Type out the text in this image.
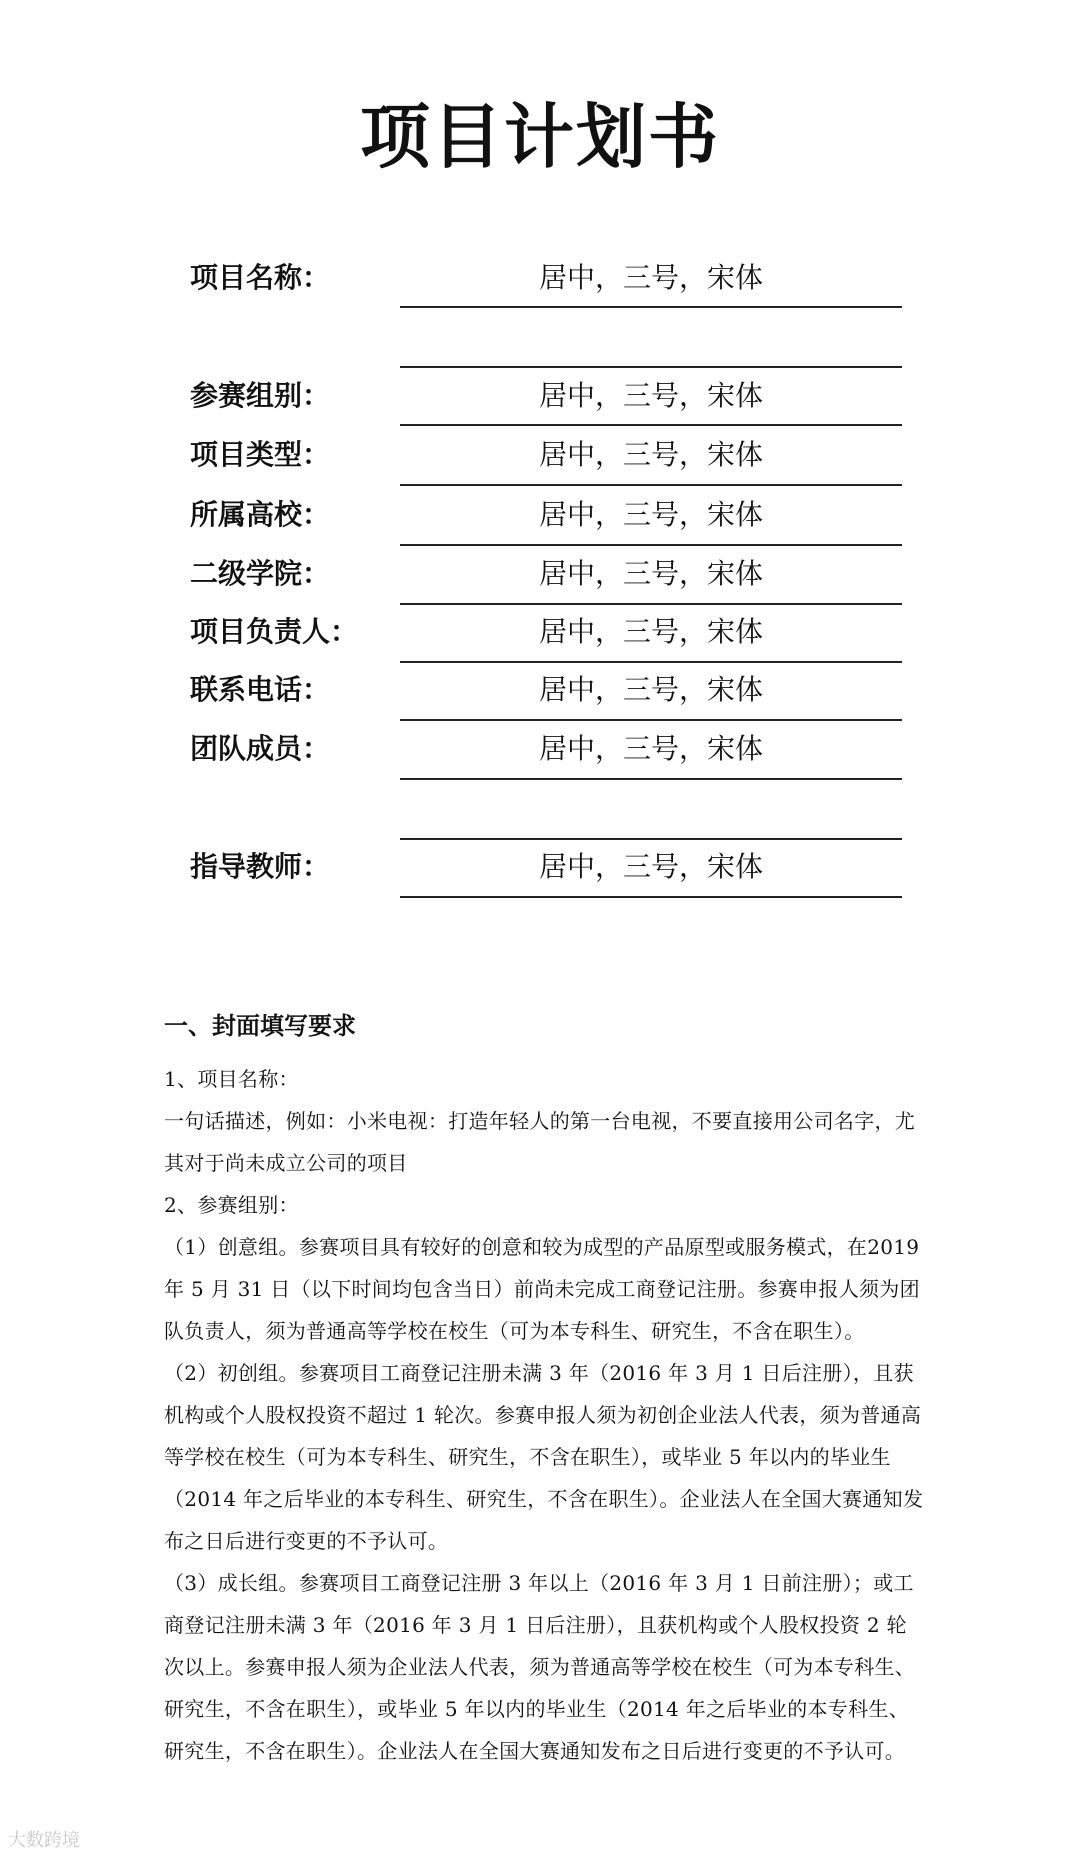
项目计划书
项目名称：	居中，三号，宋体
参赛组别：	居中，三号，宋体
项目类型：	居中，三号，宋体
所属高校：	居中，三号，宋体
二级学院：	居中，三号，宋体
项目负责人：	居中，三号，宋体
联系电话：	居中，三号，宋体
团队成员：	居中，三号，宋体
指导教师：	居中，三号，宋体
一、封面填写要求

1、项目名称：

一句话描述，例如：小米电视：打造年轻人的第一台电视，不要直接用公司名字，尤其对于尚未成立公司的项目

2、参赛组别：

（1）创意组。参赛项目具有较好的创意和较为成型的产品原型或服务模式，在2019 年 5 月 31 日（以下时间均包含当日）前尚未完成工商登记注册。参赛申报人须为团队负责人，须为普通高等学校在校生（可为本专科生、研究生，不含在职生）。

（2）初创组。参赛项目工商登记注册未满 3 年（2016 年 3 月 1 日后注册），且获机构或个人股权投资不超过 1 轮次。参赛申报人须为初创企业法人代表，须为普通高等学校在校生（可为本专科生、研究生，不含在职生），或毕业 5 年以内的毕业生（2014 年之后毕业的本专科生、研究生，不含在职生）。企业法人在全国大赛通知发布之日后进行变更的不予认可。

（3）成长组。参赛项目工商登记注册 3 年以上（2016 年 3 月 1 日前注册）；或工商登记注册未满 3 年（2016 年 3 月 1 日后注册），且获机构或个人股权投资 2 轮次以上。参赛申报人须为企业法人代表，须为普通高等学校在校生（可为本专科生、研究生，不含在职生），或毕业 5 年以内的毕业生（2014 年之后毕业的本专科生、研究生，不含在职生）。企业法人在全国大赛通知发布之日后进行变更的不予认可。

大数跨境
